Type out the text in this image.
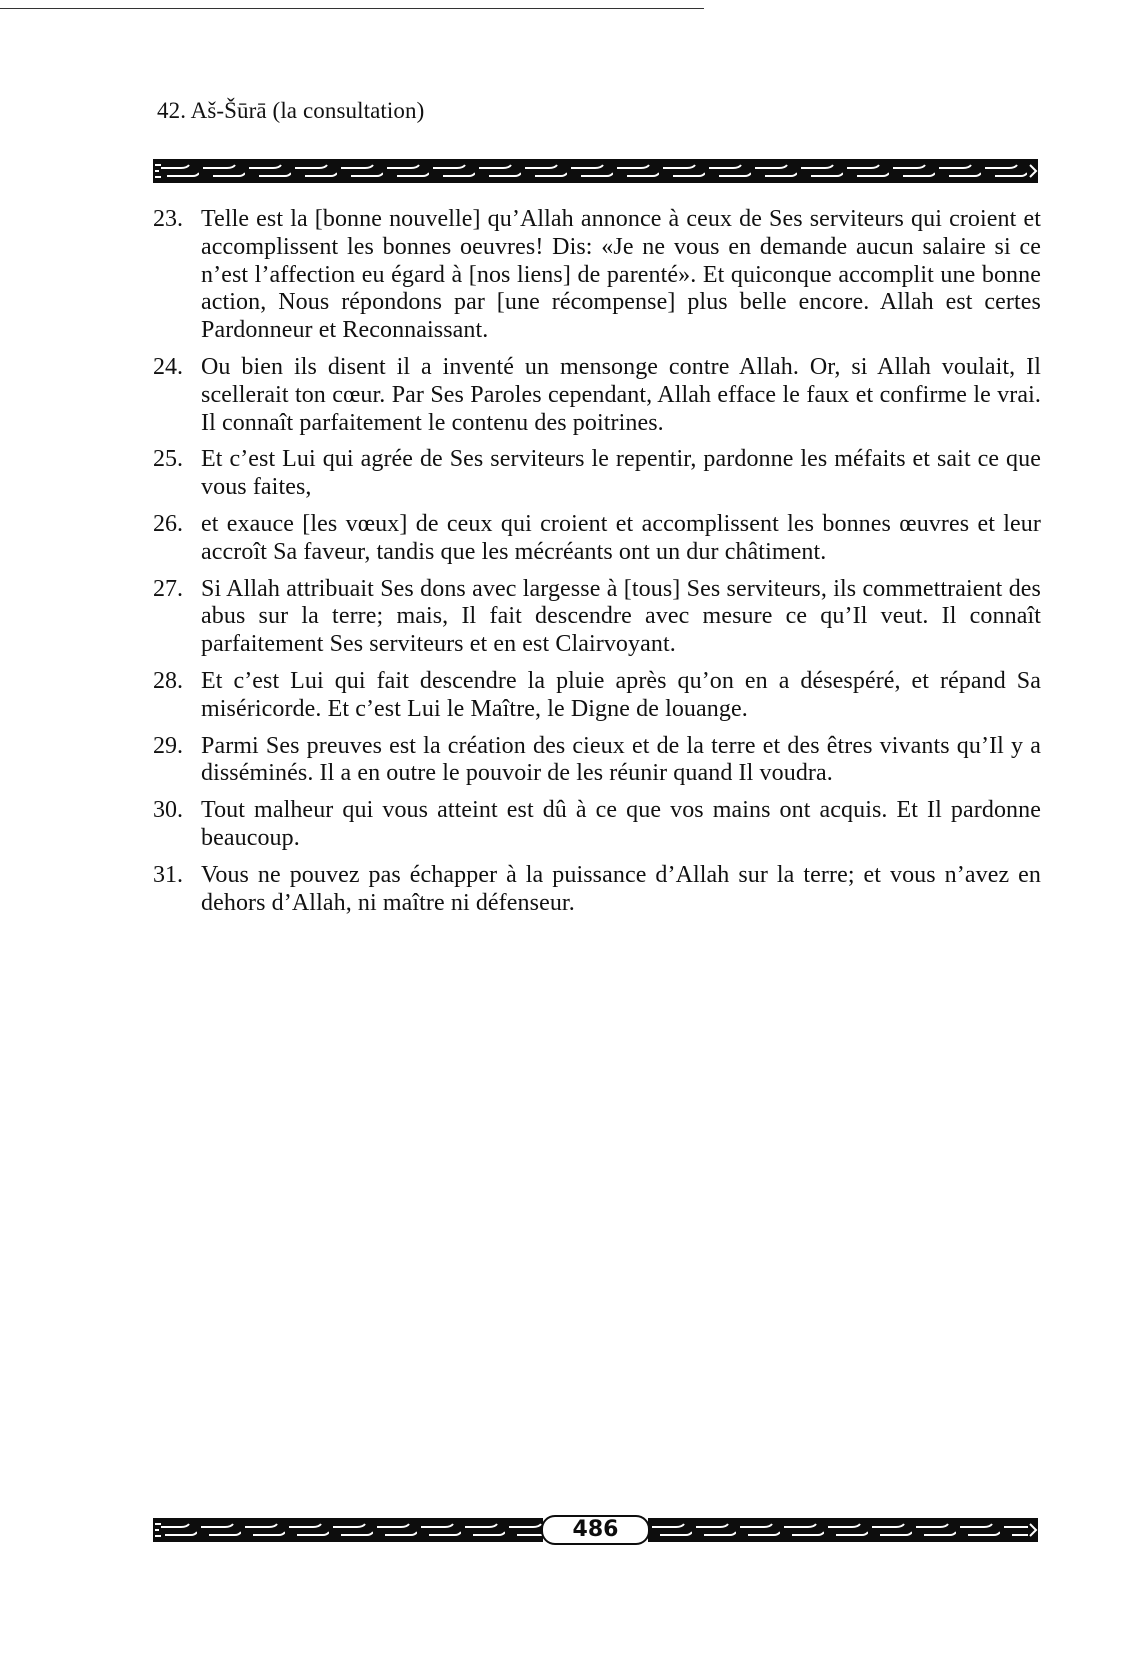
42. Aš-Šūrā (la consultation)
23. Telle est la [bonne nouvelle] qu’Allah annonce à ceux de Ses serviteurs qui croient et accomplissent les bonnes oeuvres! Dis: «Je ne vous en demande aucun salaire si ce n’est l’affection eu égard à [nos liens] de parenté». Et quiconque accomplit une bonne action, Nous répondons par [une récompense] plus belle encore. Allah est certes Pardonneur et Reconnaissant.
24. Ou bien ils disent il a inventé un mensonge contre Allah. Or, si Allah voulait, Il scellerait ton cœur. Par Ses Paroles cependant, Allah efface le faux et confirme le vrai. Il connaît parfaitement le contenu des poitrines.
25. Et c’est Lui qui agrée de Ses serviteurs le repentir, pardonne les méfaits et sait ce que vous faites,
26. et exauce [les vœux] de ceux qui croient et accomplissent les bonnes œuvres et leur accroît Sa faveur, tandis que les mécréants ont un dur châtiment.
27. Si Allah attribuait Ses dons avec largesse à [tous] Ses serviteurs, ils commettraient des abus sur la terre; mais, Il fait descendre avec mesure ce qu’Il veut. Il connaît parfaitement Ses serviteurs et en est Clairvoyant.
28. Et c’est Lui qui fait descendre la pluie après qu’on en a désespéré, et répand Sa miséricorde. Et c’est Lui le Maître, le Digne de louange.
29. Parmi Ses preuves est la création des cieux et de la terre et des êtres vivants qu’Il y a disséminés. Il a en outre le pouvoir de les réunir quand Il voudra.
30. Tout malheur qui vous atteint est dû à ce que vos mains ont acquis. Et Il pardonne beaucoup.
31. Vous ne pouvez pas échapper à la puissance d’Allah sur la terre; et vous n’avez en dehors d’Allah, ni maître ni défenseur.
486
